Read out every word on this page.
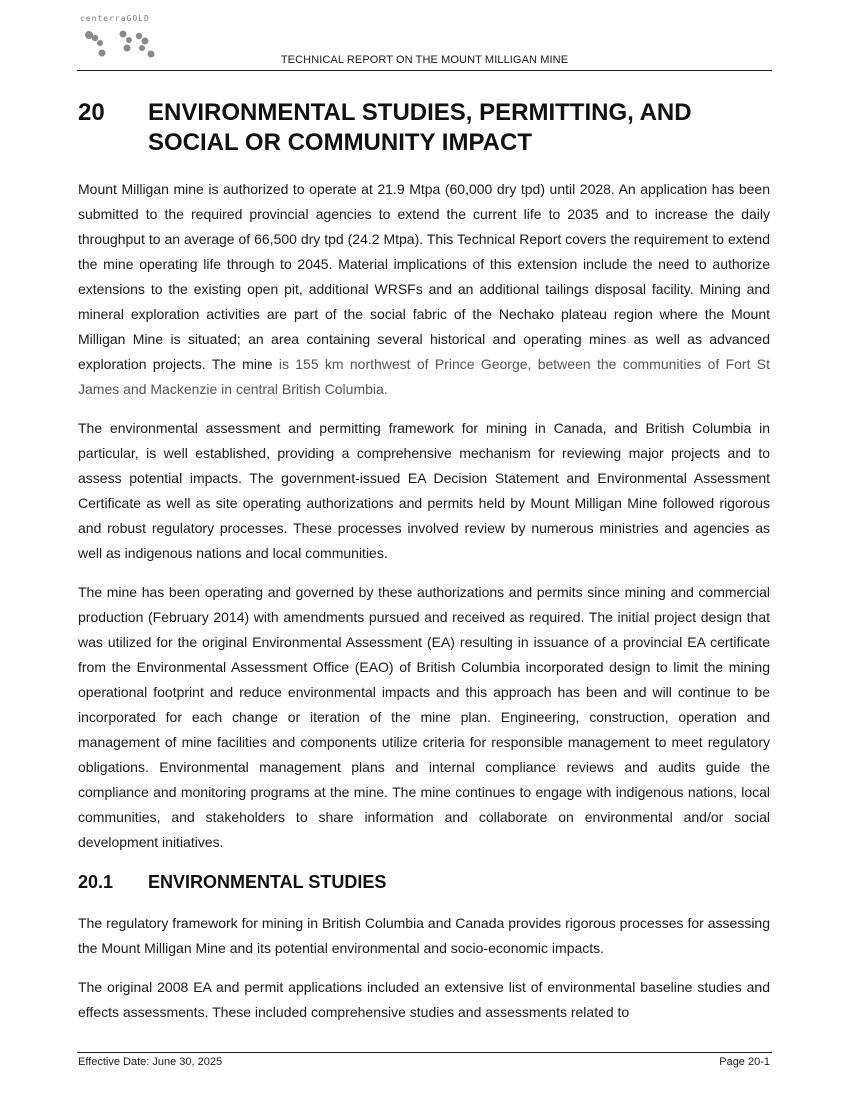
centerraGOLD
TECHNICAL REPORT ON THE MOUNT MILLIGAN MINE
20 ENVIRONMENTAL STUDIES, PERMITTING, AND SOCIAL OR COMMUNITY IMPACT

Mount Milligan mine is authorized to operate at 21.9 Mtpa (60,000 dry tpd) until 2028. An application has been submitted to the required provincial agencies to extend the current life to 2035 and to increase the daily throughput to an average of 66,500 dry tpd (24.2 Mtpa). This Technical Report covers the requirement to extend the mine operating life through to 2045. Material implications of this extension include the need to authorize extensions to the existing open pit, additional WRSFs and an additional tailings disposal facility. Mining and mineral exploration activities are part of the social fabric of the Nechako plateau region where the Mount Milligan Mine is situated; an area containing several historical and operating mines as well as advanced exploration projects. The mine is 155 km northwest of Prince George, between the communities of Fort St James and Mackenzie in central British Columbia.

The environmental assessment and permitting framework for mining in Canada, and British Columbia in particular, is well established, providing a comprehensive mechanism for reviewing major projects and to assess potential impacts. The government-issued EA Decision Statement and Environmental Assessment Certificate as well as site operating authorizations and permits held by Mount Milligan Mine followed rigorous and robust regulatory processes. These processes involved review by numerous ministries and agencies as well as indigenous nations and local communities.

The mine has been operating and governed by these authorizations and permits since mining and commercial production (February 2014) with amendments pursued and received as required. The initial project design that was utilized for the original Environmental Assessment (EA) resulting in issuance of a provincial EA certificate from the Environmental Assessment Office (EAO) of British Columbia incorporated design to limit the mining operational footprint and reduce environmental impacts and this approach has been and will continue to be incorporated for each change or iteration of the mine plan. Engineering, construction, operation and management of mine facilities and components utilize criteria for responsible management to meet regulatory obligations. Environmental management plans and internal compliance reviews and audits guide the compliance and monitoring programs at the mine. The mine continues to engage with indigenous nations, local communities, and stakeholders to share information and collaborate on environmental and/or social development initiatives.

20.1 ENVIRONMENTAL STUDIES

The regulatory framework for mining in British Columbia and Canada provides rigorous processes for assessing the Mount Milligan Mine and its potential environmental and socio-economic impacts.

The original 2008 EA and permit applications included an extensive list of environmental baseline studies and effects assessments. These included comprehensive studies and assessments related to

Effective Date: June 30, 2025	Page 20-1
